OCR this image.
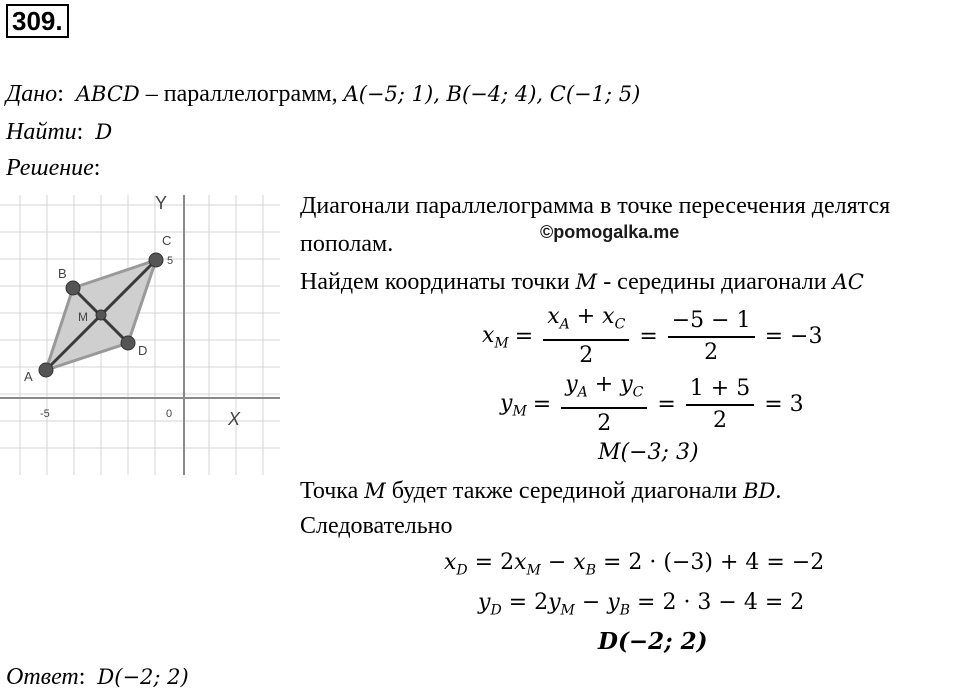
309.
Дано: ABCD – параллелограмм, A(−5; 1), B(−4; 4), C(−1; 5)
Найти: D
Решение:
A
B
C
D
M
Y
X
-5	0
5
Диагонали параллелограмма в точке пересечения делятся
пополам.	©pomogalka.me
Найдем координаты точки M - середины диагонали AC
$x_M = \frac{x_A + x_C}{2} = \frac{-5 - 1}{2} = -3$
$y_M = \frac{y_A + y_C}{2} = \frac{1 + 5}{2} = 3$
M(−3; 3)
Точка M будет также серединой диагонали BD.
Следовательно
$x_D = 2x_M - x_B = 2 \cdot (-3) + 4 = -2$
$y_D = 2y_M - y_B = 2 \cdot 3 - 4 = 2$
D(−2; 2)
Ответ: D(−2; 2)
